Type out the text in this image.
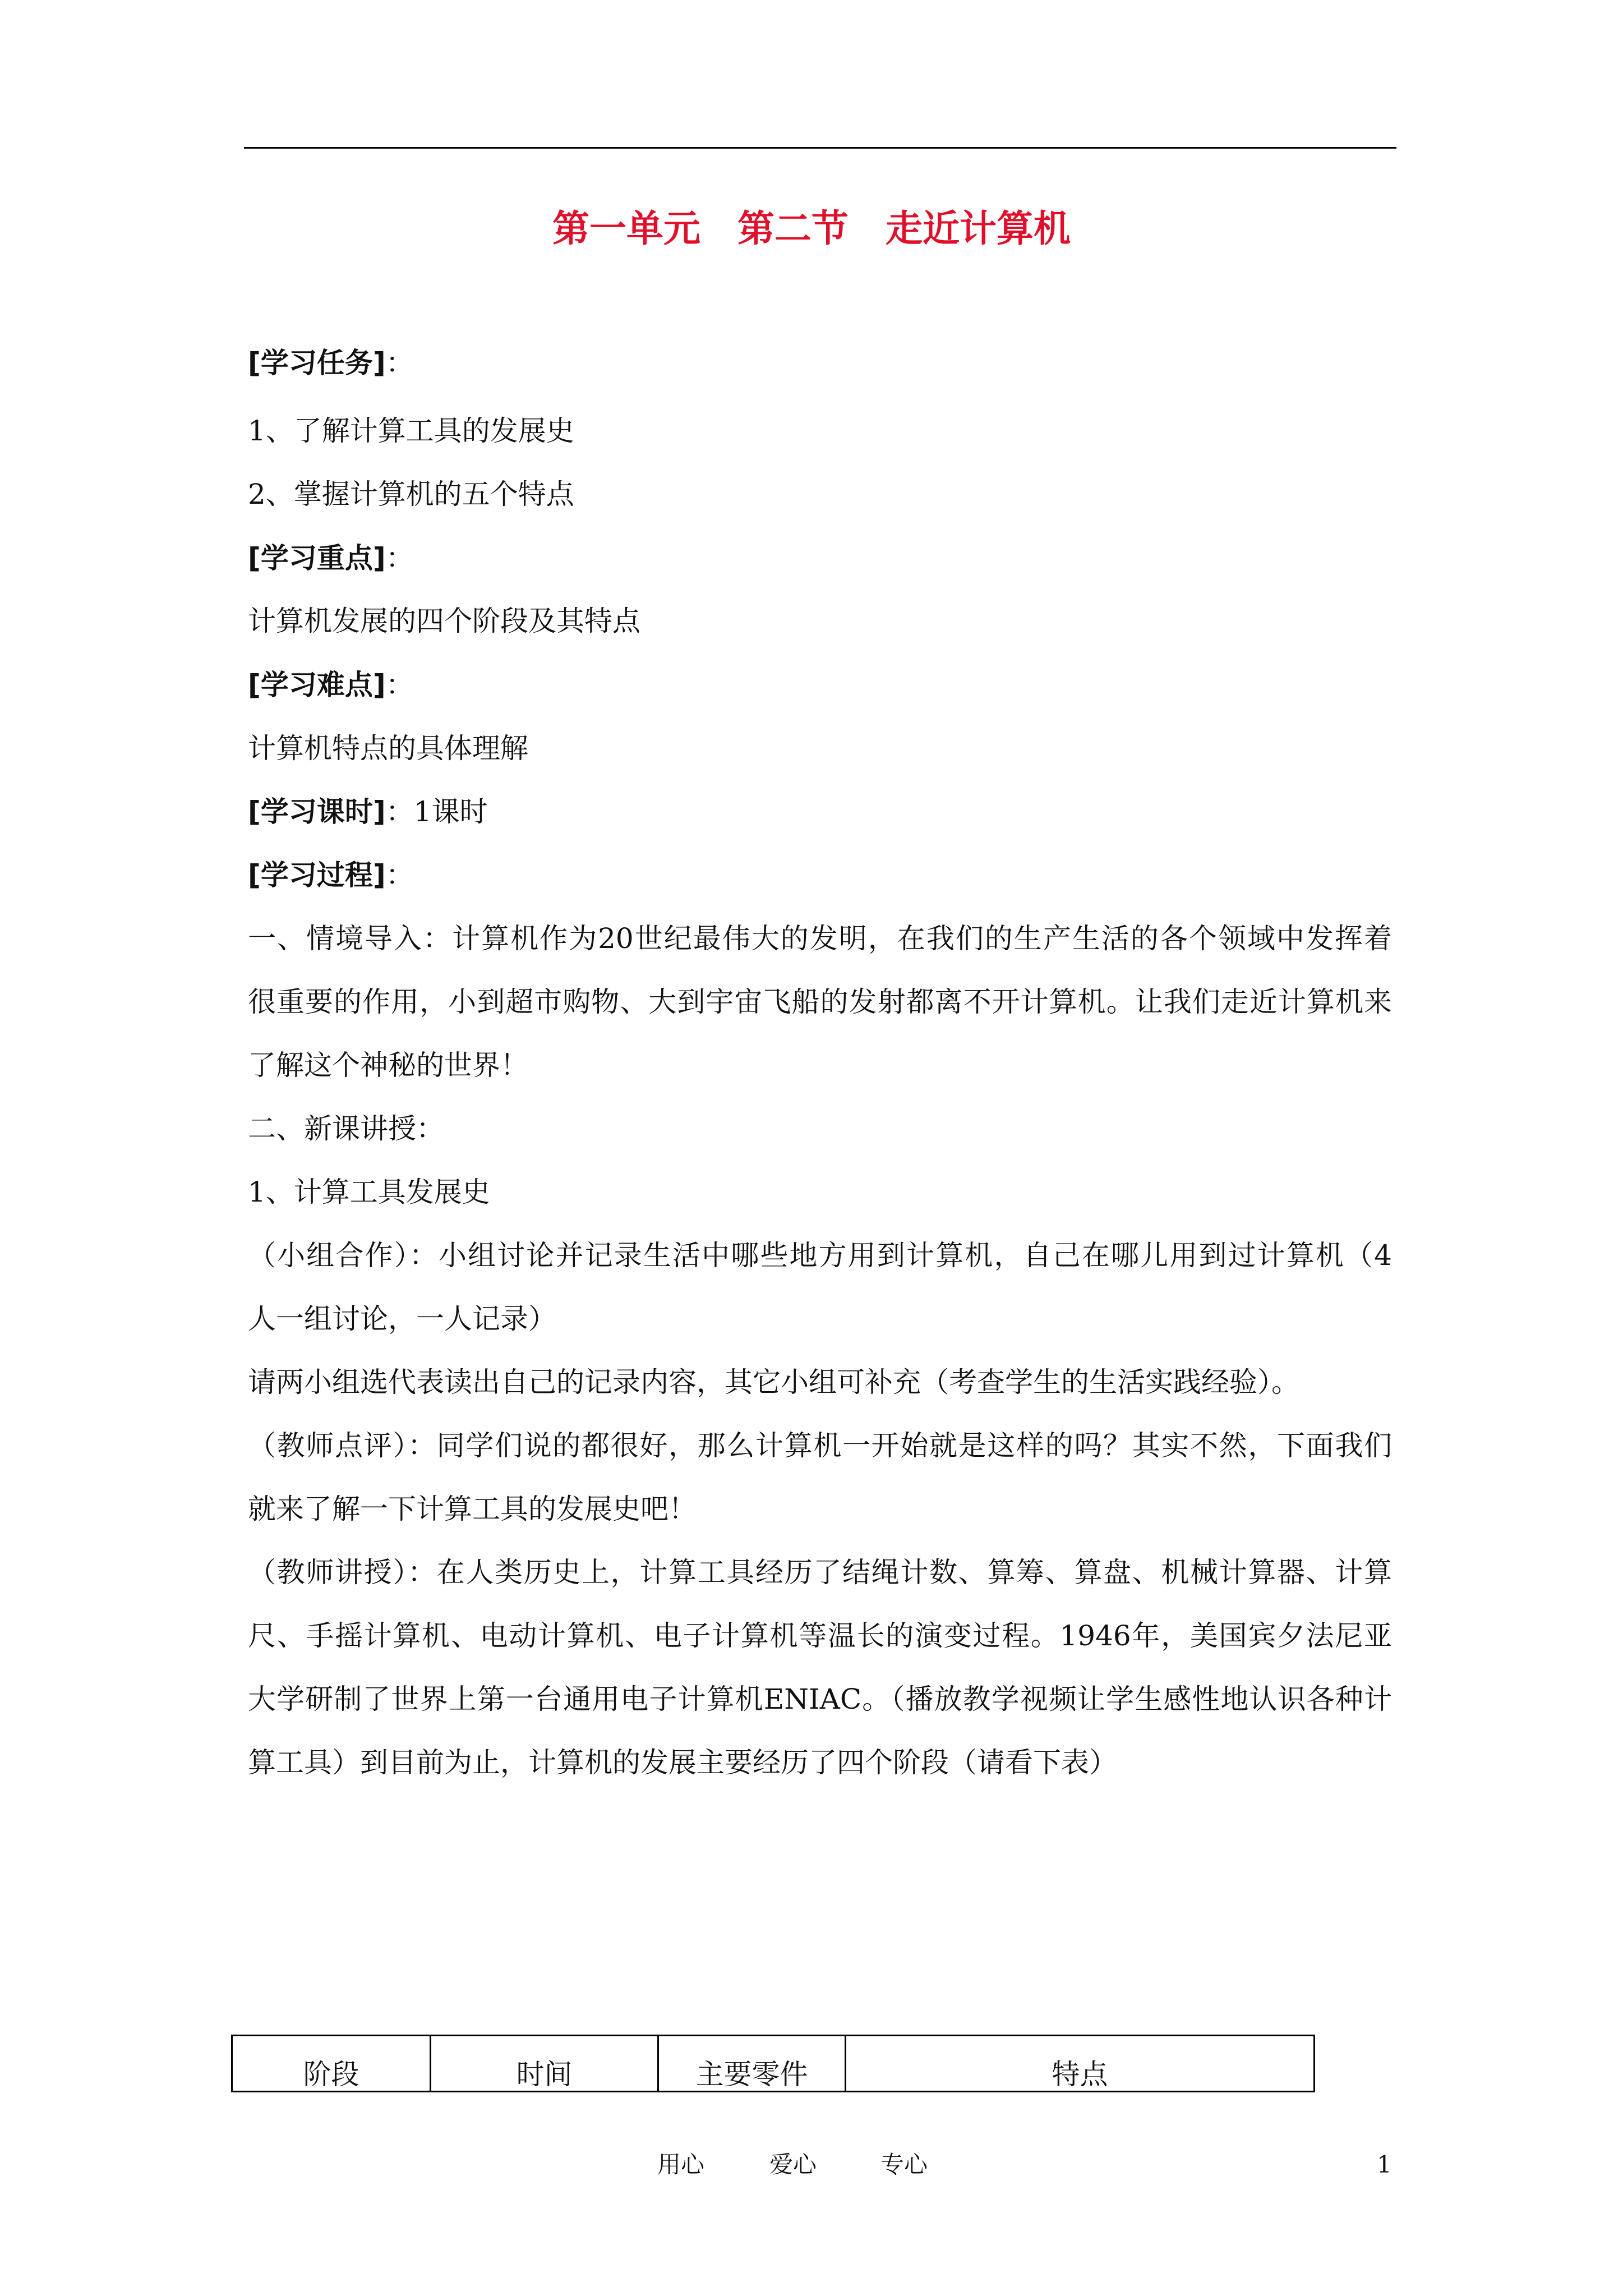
第一单元　第二节　走近计算机
[学习任务]：
1、了解计算工具的发展史
2、掌握计算机的五个特点
[学习重点]：
计算机发展的四个阶段及其特点
[学习难点]：
计算机特点的具体理解
[学习课时]：1课时
[学习过程]：
一、情境导入：计算机作为20世纪最伟大的发明，在我们的生产生活的各个领域中发挥着
很重要的作用，小到超市购物、大到宇宙飞船的发射都离不开计算机。让我们走近计算机来
了解这个神秘的世界！
二、新课讲授：
1、计算工具发展史
（小组合作）：小组讨论并记录生活中哪些地方用到计算机，自己在哪儿用到过计算机（4
人一组讨论，一人记录）
请两小组选代表读出自己的记录内容，其它小组可补充（考查学生的生活实践经验）。
（教师点评）：同学们说的都很好，那么计算机一开始就是这样的吗？其实不然，下面我们
就来了解一下计算工具的发展史吧！
（教师讲授）：在人类历史上，计算工具经历了结绳计数、算筹、算盘、机械计算器、计算
尺、手摇计算机、电动计算机、电子计算机等温长的演变过程。1946年，美国宾夕法尼亚
大学研制了世界上第一台通用电子计算机ENIAC。（播放教学视频让学生感性地认识各种计
算工具）到目前为止，计算机的发展主要经历了四个阶段（请看下表）
阶段	时间	主要零件	特点
用心	爱心	专心	1
